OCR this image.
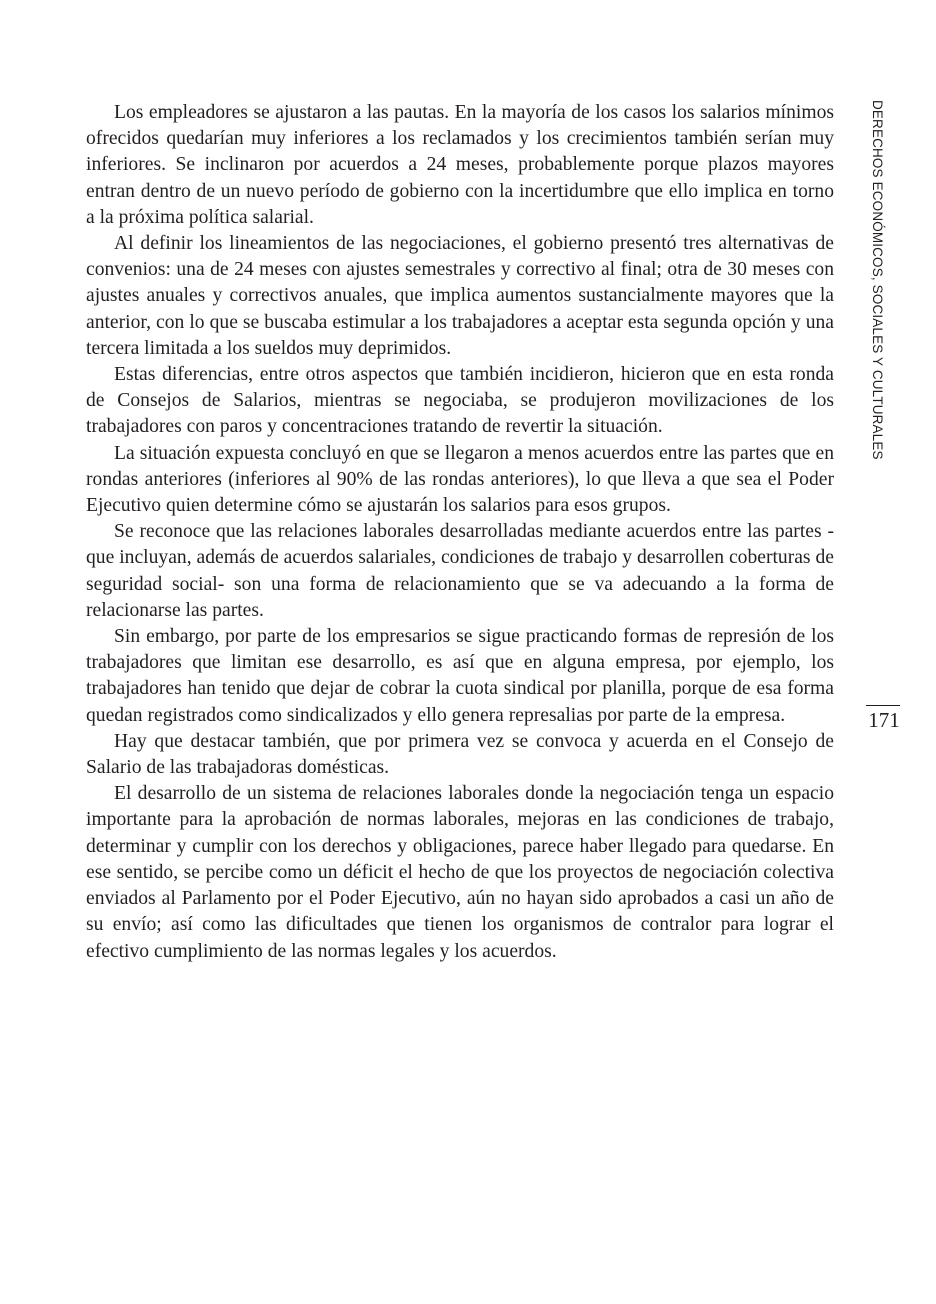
Los empleadores se ajustaron a las pautas. En la mayoría de los casos los salarios mínimos ofrecidos quedarían muy inferiores a los reclamados y los crecimientos también serían muy inferiores. Se inclinaron por acuerdos a 24 meses, probablemente porque plazos mayores entran dentro de un nuevo período de gobierno con la incertidumbre que ello implica en torno a la próxima política salarial.

Al definir los lineamientos de las negociaciones, el gobierno presentó tres alternativas de convenios: una de 24 meses con ajustes semestrales y correctivo al final; otra de 30 meses con ajustes anuales y correctivos anuales, que implica aumentos sustancialmente mayores que la anterior, con lo que se buscaba estimular a los trabajadores a aceptar esta segunda opción y una tercera limitada a los sueldos muy deprimidos.

Estas diferencias, entre otros aspectos que también incidieron, hicieron que en esta ronda de Consejos de Salarios, mientras se negociaba, se produjeron movilizaciones de los trabajadores con paros y concentraciones tratando de revertir la situación.

La situación expuesta concluyó en que se llegaron a menos acuerdos entre las partes que en rondas anteriores (inferiores al 90% de las rondas anteriores), lo que lleva a que sea el Poder Ejecutivo quien determine cómo se ajustarán los salarios para esos grupos.

Se reconoce que las relaciones laborales desarrolladas mediante acuerdos entre las partes -que incluyan, además de acuerdos salariales, condiciones de trabajo y desarrollen coberturas de seguridad social- son una forma de relacionamiento que se va adecuando a la forma de relacionarse las partes.

Sin embargo, por parte de los empresarios se sigue practicando formas de represión de los trabajadores que limitan ese desarrollo, es así que en alguna empresa, por ejemplo, los trabajadores han tenido que dejar de cobrar la cuota sindical por planilla, porque de esa forma quedan registrados como sindicalizados y ello genera represalias por parte de la empresa.

Hay que destacar también, que por primera vez se convoca y acuerda en el Consejo de Salario de las trabajadoras domésticas.

El desarrollo de un sistema de relaciones laborales donde la negociación tenga un espacio importante para la aprobación de normas laborales, mejoras en las condiciones de trabajo, determinar y cumplir con los derechos y obligaciones, parece haber llegado para quedarse. En ese sentido, se percibe como un déficit el hecho de que los proyectos de negociación colectiva enviados al Parlamento por el Poder Ejecutivo, aún no hayan sido aprobados a casi un año de su envío; así como las dificultades que tienen los organismos de contralor para lograr el efectivo cumplimiento de las normas legales y los acuerdos.

DERECHOS ECONÓMICOS, SOCIALES Y CULTURALES
171
